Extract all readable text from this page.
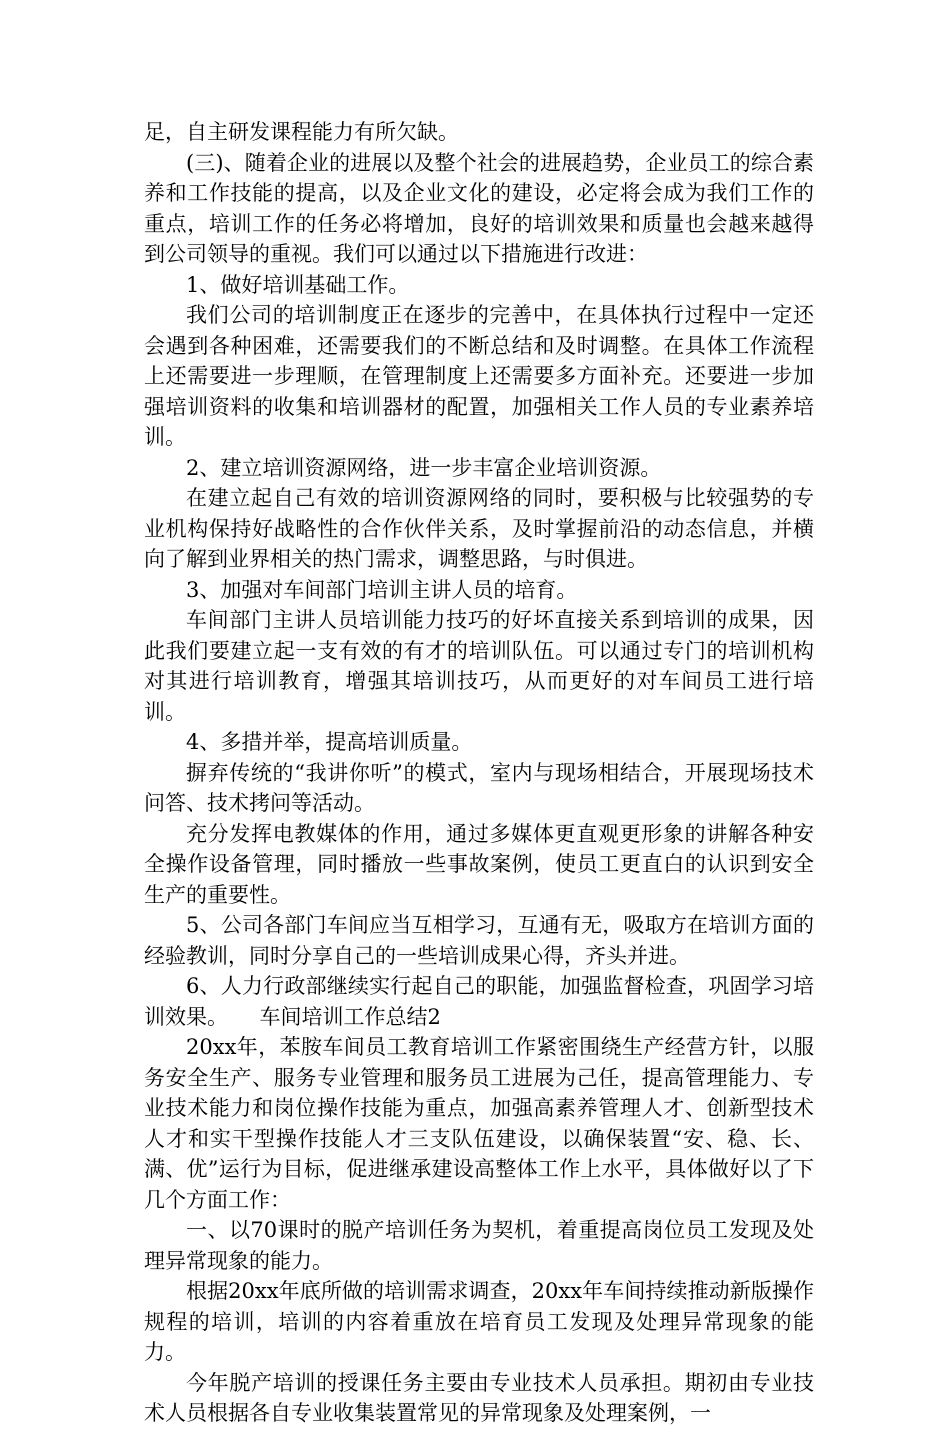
足，自主研发课程能力有所欠缺。

(三)、随着企业的进展以及整个社会的进展趋势，企业员工的综合素养和工作技能的提高，以及企业文化的建设，必定将会成为我们工作的重点，培训工作的任务必将增加，良好的培训效果和质量也会越来越得到公司领导的重视。我们可以通过以下措施进行改进：

1、做好培训基础工作。

我们公司的培训制度正在逐步的完善中，在具体执行过程中一定还会遇到各种困难，还需要我们的不断总结和及时调整。在具体工作流程上还需要进一步理顺，在管理制度上还需要多方面补充。还要进一步加强培训资料的收集和培训器材的配置，加强相关工作人员的专业素养培训。

2、建立培训资源网络，进一步丰富企业培训资源。

在建立起自己有效的培训资源网络的同时，要积极与比较强势的专业机构保持好战略性的合作伙伴关系，及时掌握前沿的动态信息，并横向了解到业界相关的热门需求，调整思路，与时俱进。

3、加强对车间部门培训主讲人员的培育。

车间部门主讲人员培训能力技巧的好坏直接关系到培训的成果，因此我们要建立起一支有效的有才的培训队伍。可以通过专门的培训机构对其进行培训教育，增强其培训技巧，从而更好的对车间员工进行培训。

4、多措并举，提高培训质量。

摒弃传统的“我讲你听”的模式，室内与现场相结合，开展现场技术问答、技术拷问等活动。

充分发挥电教媒体的作用，通过多媒体更直观更形象的讲解各种安全操作设备管理，同时播放一些事故案例，使员工更直白的认识到安全生产的重要性。

5、公司各部门车间应当互相学习，互通有无，吸取方在培训方面的经验教训，同时分享自己的一些培训成果心得，齐头并进。

6、人力行政部继续实行起自己的职能，加强监督检查，巩固学习培训效果。　　车间培训工作总结2

20xx年，苯胺车间员工教育培训工作紧密围绕生产经营方针，以服务安全生产、服务专业管理和服务员工进展为己任，提高管理能力、专业技术能力和岗位操作技能为重点，加强高素养管理人才、创新型技术人才和实干型操作技能人才三支队伍建设，以确保装置“安、稳、长、满、优”运行为目标，促进继承建设高整体工作上水平，具体做好以了下几个方面工作：

一、以70课时的脱产培训任务为契机，着重提高岗位员工发现及处理异常现象的能力。

根据20xx年底所做的培训需求调查，20xx年车间持续推动新版操作规程的培训，培训的内容着重放在培育员工发现及处理异常现象的能力。

今年脱产培训的授课任务主要由专业技术人员承担。期初由专业技术人员根据各自专业收集装置常见的异常现象及处理案例，一
